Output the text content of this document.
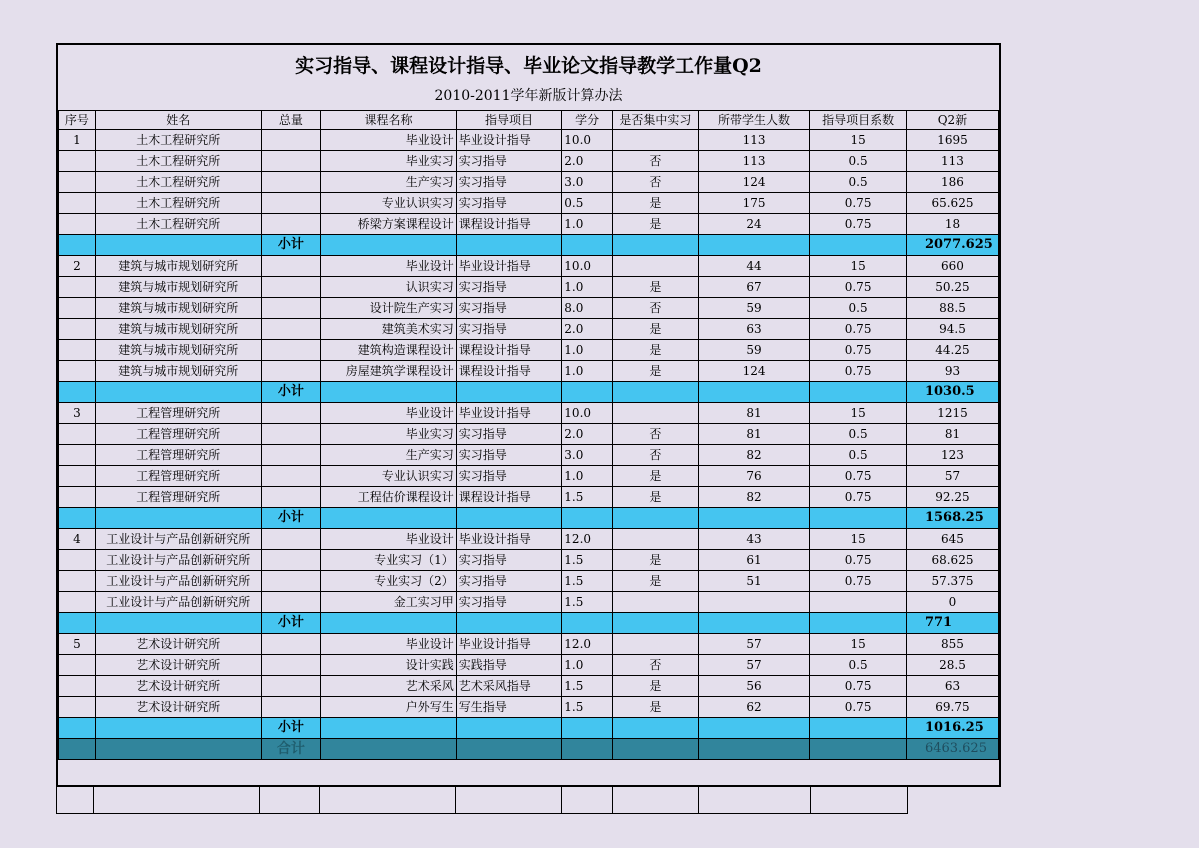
实习指导、课程设计指导、毕业论文指导教学工作量Q2
2010-2011学年新版计算办法
序号	姓名	总量	课程名称	指导项目	学分	是否集中实习	所带学生人数	指导项目系数	Q2新
1	土木工程研究所		毕业设计	毕业设计指导	10.0		113	15	1695
	土木工程研究所		毕业实习	实习指导	2.0	否	113	0.5	113
	土木工程研究所		生产实习	实习指导	3.0	否	124	0.5	186
	土木工程研究所		专业认识实习	实习指导	0.5	是	175	0.75	65.625
	土木工程研究所		桥梁方案课程设计	课程设计指导	1.0	是	24	0.75	18
		小计							2077.625
2	建筑与城市规划研究所		毕业设计	毕业设计指导	10.0		44	15	660
	建筑与城市规划研究所		认识实习	实习指导	1.0	是	67	0.75	50.25
	建筑与城市规划研究所		设计院生产实习	实习指导	8.0	否	59	0.5	88.5
	建筑与城市规划研究所		建筑美术实习	实习指导	2.0	是	63	0.75	94.5
	建筑与城市规划研究所		建筑构造课程设计	课程设计指导	1.0	是	59	0.75	44.25
	建筑与城市规划研究所		房屋建筑学课程设计	课程设计指导	1.0	是	124	0.75	93
		小计							1030.5
3	工程管理研究所		毕业设计	毕业设计指导	10.0		81	15	1215
	工程管理研究所		毕业实习	实习指导	2.0	否	81	0.5	81
	工程管理研究所		生产实习	实习指导	3.0	否	82	0.5	123
	工程管理研究所		专业认识实习	实习指导	1.0	是	76	0.75	57
	工程管理研究所		工程估价课程设计	课程设计指导	1.5	是	82	0.75	92.25
		小计							1568.25
4	工业设计与产品创新研究所		毕业设计	毕业设计指导	12.0		43	15	645
	工业设计与产品创新研究所		专业实习（1）	实习指导	1.5	是	61	0.75	68.625
	工业设计与产品创新研究所		专业实习（2）	实习指导	1.5	是	51	0.75	57.375
	工业设计与产品创新研究所		金工实习甲	实习指导	1.5				0
		小计							771
5	艺术设计研究所		毕业设计	毕业设计指导	12.0		57	15	855
	艺术设计研究所		设计实践	实践指导	1.0	否	57	0.5	28.5
	艺术设计研究所		艺术采风	艺术采风指导	1.5	是	56	0.75	63
	艺术设计研究所		户外写生	写生指导	1.5	是	62	0.75	69.75
		小计							1016.25
		合计							6463.625
